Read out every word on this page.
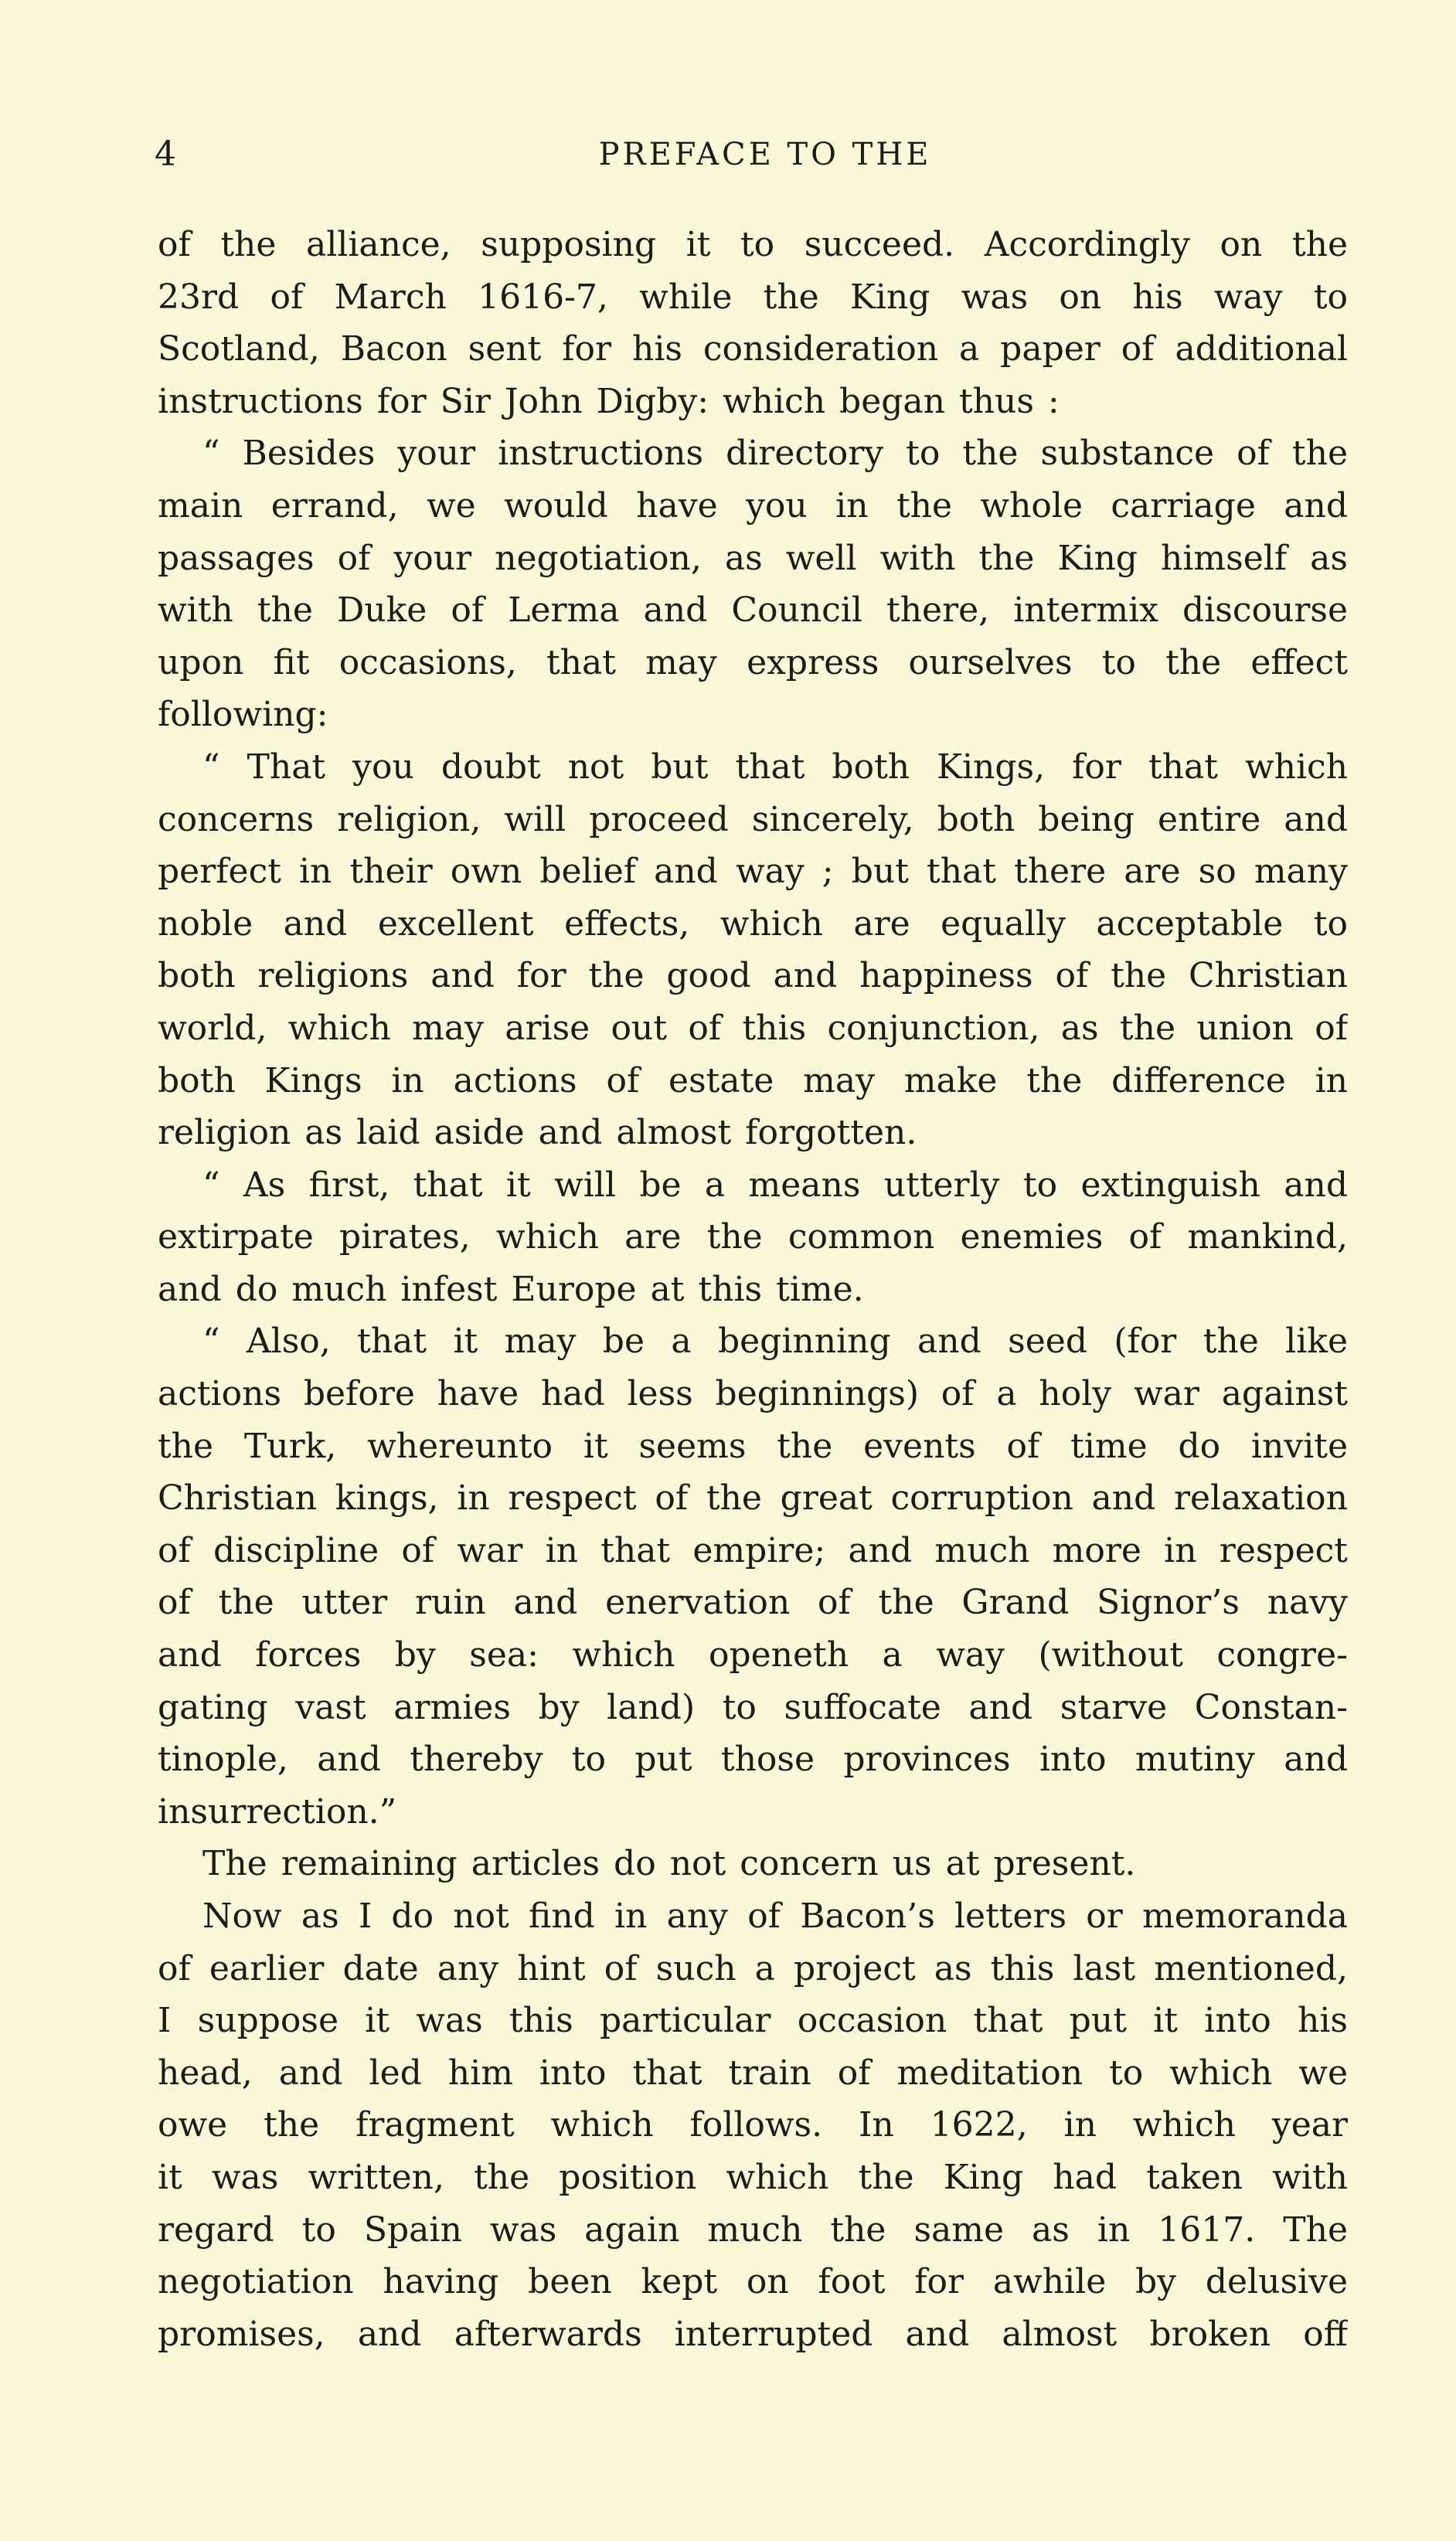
4	PREFACE TO THE
of the alliance, supposing it to succeed. Accordingly on the
23rd of March 1616-7, while the King was on his way to
Scotland, Bacon sent for his consideration a paper of additional
instructions for Sir John Digby: which began thus :
“ Besides your instructions directory to the substance of the
main errand, we would have you in the whole carriage and
passages of your negotiation, as well with the King himself as
with the Duke of Lerma and Council there, intermix discourse
upon fit occasions, that may express ourselves to the effect
following:
“ That you doubt not but that both Kings, for that which
concerns religion, will proceed sincerely, both being entire and
perfect in their own belief and way ; but that there are so many
noble and excellent effects, which are equally acceptable to
both religions and for the good and happiness of the Christian
world, which may arise out of this conjunction, as the union of
both Kings in actions of estate may make the difference in
religion as laid aside and almost forgotten.
“ As first, that it will be a means utterly to extinguish and
extirpate pirates, which are the common enemies of mankind,
and do much infest Europe at this time.
“ Also, that it may be a beginning and seed (for the like
actions before have had less beginnings) of a holy war against
the Turk, whereunto it seems the events of time do invite
Christian kings, in respect of the great corruption and relaxation
of discipline of war in that empire; and much more in respect
of the utter ruin and enervation of the Grand Signor’s navy
and forces by sea: which openeth a way (without congre-
gating vast armies by land) to suffocate and starve Constan-
tinople, and thereby to put those provinces into mutiny and
insurrection.”
The remaining articles do not concern us at present.
Now as I do not find in any of Bacon’s letters or memoranda
of earlier date any hint of such a project as this last mentioned,
I suppose it was this particular occasion that put it into his
head, and led him into that train of meditation to which we
owe the fragment which follows. In 1622, in which year
it was written, the position which the King had taken with
regard to Spain was again much the same as in 1617. The
negotiation having been kept on foot for awhile by delusive
promises, and afterwards interrupted and almost broken off
